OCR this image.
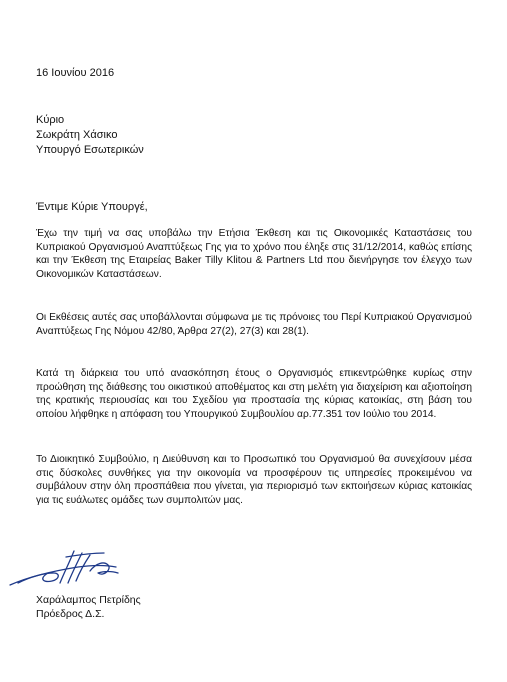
16 Ιουνίου 2016
Κύριο
Σωκράτη Χάσικο
Υπουργό Εσωτερικών
Έντιμε Κύριε Υπουργέ,

Έχω την τιμή να σας υποβάλω την Ετήσια Έκθεση και τις Οικονομικές Καταστάσεις του Κυπριακού Οργανισμού Αναπτύξεως Γης για το χρόνο που έληξε στις 31/12/2014, καθώς επίσης και την Έκθεση της Εταιρείας Baker Tilly Klitou & Partners Ltd που διενήργησε τον έλεγχο των Οικονομικών Καταστάσεων.

Οι Εκθέσεις αυτές σας υποβάλλονται σύμφωνα με τις πρόνοιες του Περί Κυπριακού Οργανισμού Αναπτύξεως Γης Νόμου 42/80, Άρθρα 27(2), 27(3) και 28(1).

Κατά τη διάρκεια του υπό ανασκόπηση έτους ο Οργανισμός επικεντρώθηκε κυρίως στην προώθηση της διάθεσης του οικιστικού αποθέματος και στη μελέτη για διαχείριση και αξιοποίηση της κρατικής περιουσίας και του Σχεδίου για προστασία της κύριας κατοικίας, στη βάση του οποίου λήφθηκε η απόφαση του Υπουργικού Συμβουλίου αρ.77.351 τον Ιούλιο του 2014.

Το Διοικητικό Συμβούλιο, η Διεύθυνση και το Προσωπικό του Οργανισμού θα συνεχίσουν μέσα στις δύσκολες συνθήκες για την οικονομία να προσφέρουν τις υπηρεσίες προκειμένου να συμβάλουν στην όλη προσπάθεια που γίνεται, για περιορισμό των εκποιήσεων κύριας κατοικίας για τις ευάλωτες ομάδες των συμπολιτών μας.

Χαράλαμπος Πετρίδης
Πρόεδρος Δ.Σ.
